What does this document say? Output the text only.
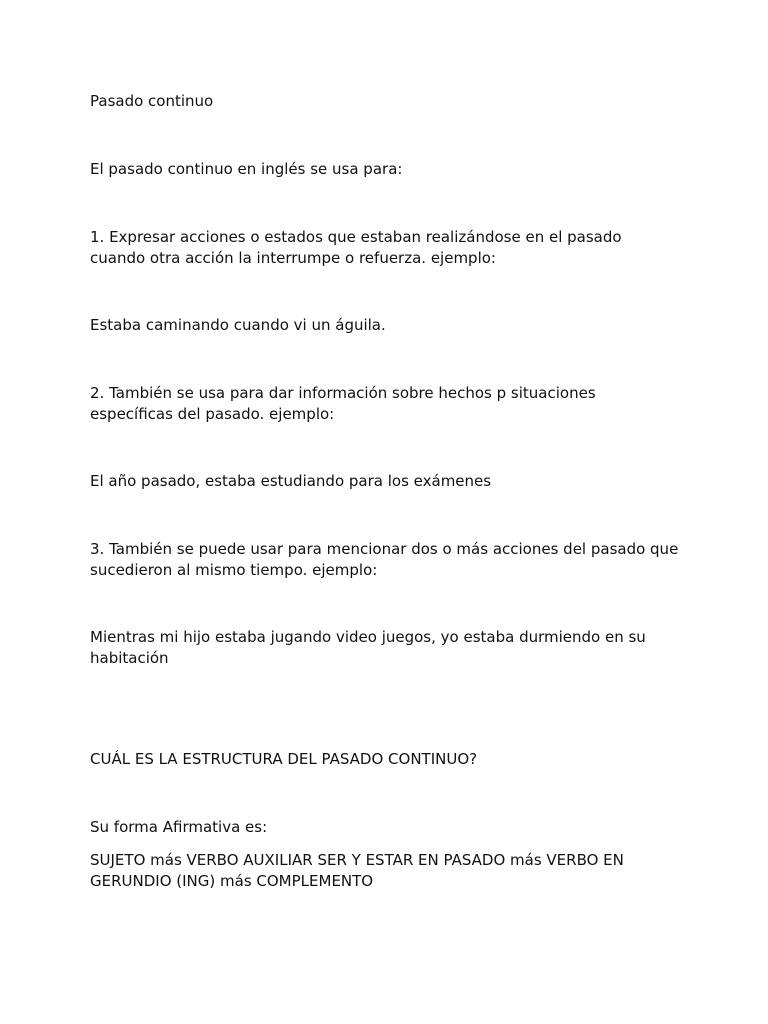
Pasado continuo

El pasado continuo en inglés se usa para:

1. Expresar acciones o estados que estaban realizándose en el pasado cuando otra acción la interrumpe o refuerza. ejemplo:

Estaba caminando cuando vi un águila.

2. También se usa para dar información sobre hechos p situaciones específicas del pasado. ejemplo:

El año pasado, estaba estudiando para los exámenes

3. También se puede usar para mencionar dos o más acciones del pasado que sucedieron al mismo tiempo. ejemplo:

Mientras mi hijo estaba jugando video juegos, yo estaba durmiendo en su habitación

CUÁL ES LA ESTRUCTURA DEL PASADO CONTINUO?

Su forma Afirmativa es:

SUJETO más VERBO AUXILIAR SER Y ESTAR EN PASADO más VERBO EN GERUNDIO (ING) más COMPLEMENTO
